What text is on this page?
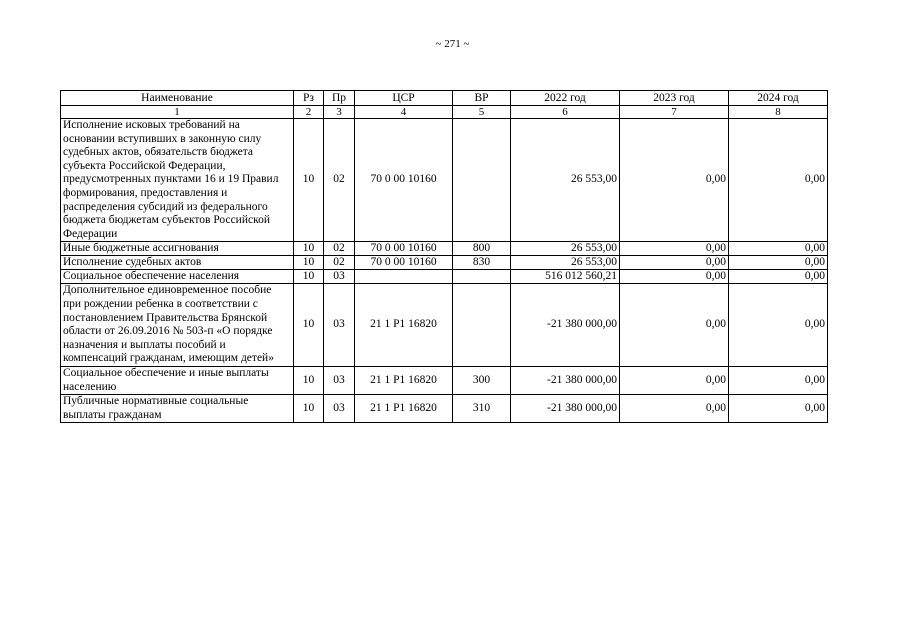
~ 271 ~
Наименование	Рз	Пр	ЦСР	ВР	2022 год	2023 год	2024 год
1	2	3	4	5	6	7	8
Исполнение исковых требований на основании вступивших в законную силу судебных актов, обязательств бюджета субъекта Российской Федерации, предусмотренных пунктами 16 и 19 Правил формирования, предоставления и распределения субсидий из федерального бюджета бюджетам субъектов Российской Федерации	10	02	70 0 00 10160		26 553,00	0,00	0,00
Иные бюджетные ассигнования	10	02	70 0 00 10160	800	26 553,00	0,00	0,00
Исполнение судебных актов	10	02	70 0 00 10160	830	26 553,00	0,00	0,00
Социальное обеспечение населения	10	03			516 012 560,21	0,00	0,00
Дополнительное единовременное пособие при рождении ребенка в соответствии с постановлением Правительства Брянской области от 26.09.2016 № 503-п «О порядке назначения и выплаты пособий и компенсаций гражданам, имеющим детей»	10	03	21 1 Р1 16820		-21 380 000,00	0,00	0,00
Социальное обеспечение и иные выплаты населению	10	03	21 1 Р1 16820	300	-21 380 000,00	0,00	0,00
Публичные нормативные социальные выплаты гражданам	10	03	21 1 Р1 16820	310	-21 380 000,00	0,00	0,00
